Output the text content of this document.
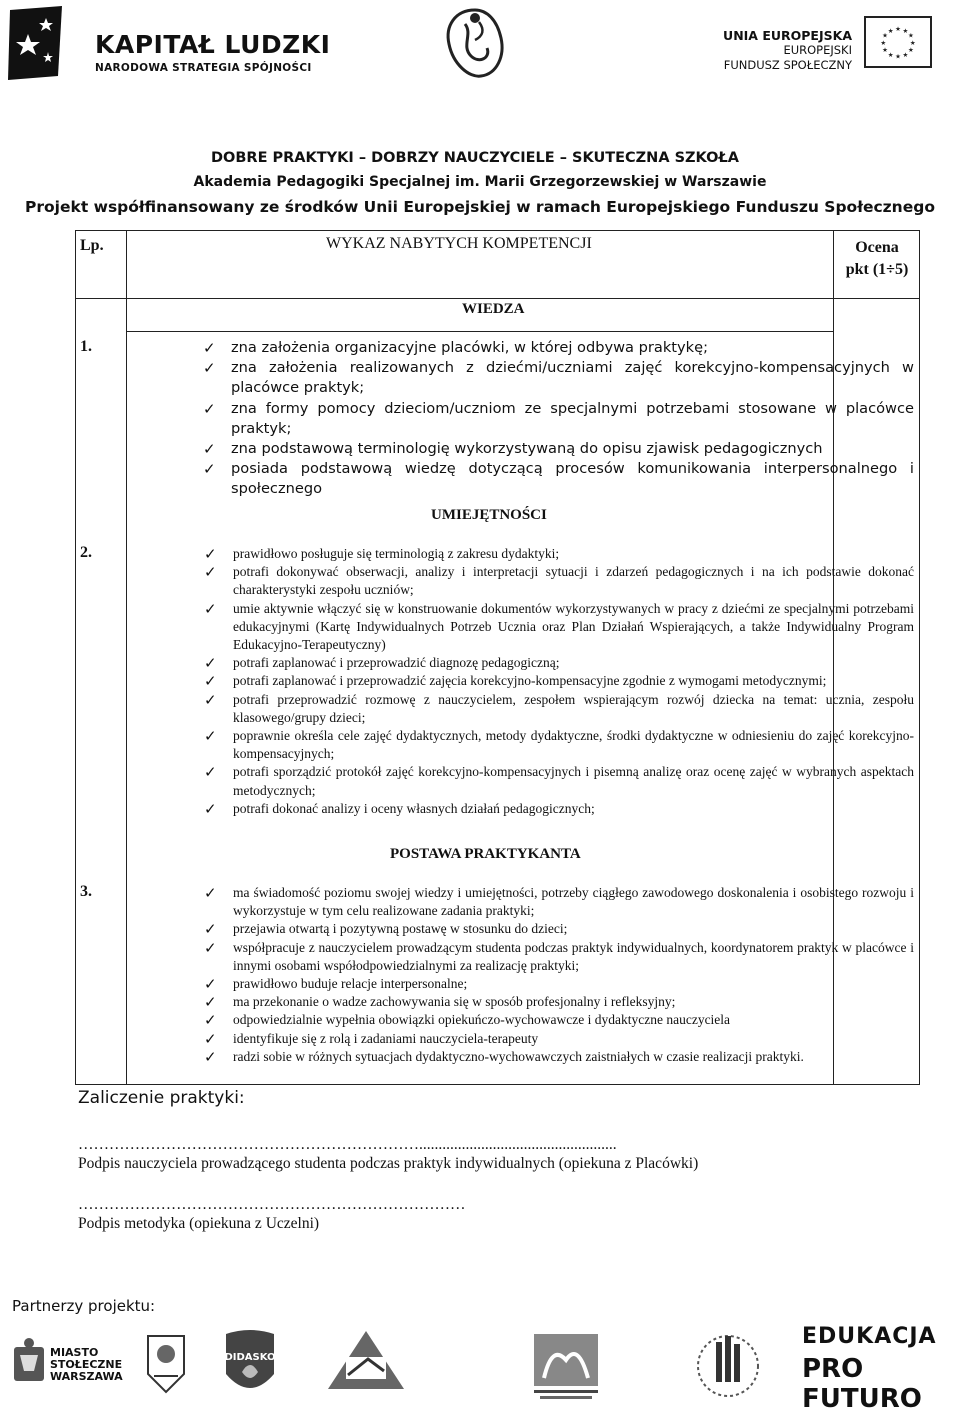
KAPITAŁ LUDZKI
NARODOWA STRATEGIA SPÓJNOŚCI
UNIA EUROPEJSKA
EUROPEJSKI
FUNDUSZ SPOŁECZNY
★ ★
★
★
★
★
★
★
★
★
★
★
DOBRE PRAKTYKI – DOBRZY NAUCZYCIELE – SKUTECZNA SZKOŁA
Akademia Pedagogiki Specjalnej im. Marii Grzegorzewskiej w Warszawie
Projekt współfinansowany ze środków Unii Europejskiej w ramach Europejskiego Funduszu Społecznego
Lp.	WYKAZ NABYTYCH KOMPETENCJI	Ocena
pkt (1÷5)
WIEDZA
1.	✓ zna założenia organizacyjne placówki, w której odbywa praktykę;
✓ zna założenia realizowanych z dziećmi/uczniami zajęć korekcyjno-kompensacyjnych w placówce praktyk;
✓ zna formy pomocy dzieciom/uczniom ze specjalnymi potrzebami stosowane w placówce praktyk;
✓ zna podstawową terminologię wykorzystywaną do opisu zjawisk pedagogicznych
✓ posiada podstawową wiedzę dotyczącą procesów komunikowania interpersonalnego i społecznego
UMIEJĘTNOŚCI
2.	✓ prawidłowo posługuje się terminologią z zakresu dydaktyki;
✓ potrafi dokonywać obserwacji, analizy i interpretacji sytuacji i zdarzeń pedagogicznych i na ich podstawie dokonać charakterystyki zespołu uczniów;
✓ umie aktywnie włączyć się w konstruowanie dokumentów wykorzystywanych w pracy z dziećmi ze specjalnymi potrzebami edukacyjnymi (Kartę Indywidualnych Potrzeb Ucznia oraz Plan Działań Wspierających, a także Indywidualny Program Edukacyjno-Terapeutyczny)
✓ potrafi zaplanować i przeprowadzić diagnozę pedagogiczną;
✓ potrafi zaplanować i przeprowadzić zajęcia korekcyjno-kompensacyjne zgodnie z wymogami metodycznymi;
✓ potrafi przeprowadzić rozmowę z nauczycielem, zespołem wspierającym rozwój dziecka na temat: ucznia, zespołu klasowego/grupy dzieci;
✓ poprawnie określa cele zajęć dydaktycznych, metody dydaktyczne, środki dydaktyczne w odniesieniu do zajęć korekcyjno-kompensacyjnych;
✓ potrafi sporządzić protokół zajęć korekcyjno-kompensacyjnych i pisemną analizę oraz ocenę zajęć w wybranych aspektach metodycznych;
✓ potrafi dokonać analizy i oceny własnych działań pedagogicznych;
POSTAWA PRAKTYKANTA
3.	✓ ma świadomość poziomu swojej wiedzy i umiejętności, potrzeby ciągłego zawodowego doskonalenia i osobistego rozwoju i wykorzystuje w tym celu realizowane zadania praktyki;
✓ przejawia otwartą i pozytywną postawę w stosunku do dzieci;
✓ współpracuje z nauczycielem prowadzącym studenta podczas praktyk indywidualnych, koordynatorem praktyk w placówce i innymi osobami współodpowiedzialnymi za realizację praktyki;
✓ prawidłowo buduje relacje interpersonalne;
✓ ma przekonanie o wadze zachowywania się w sposób profesjonalny i refleksyjny;
✓ odpowiedzialnie wypełnia obowiązki opiekuńczo-wychowawcze i dydaktyczne nauczyciela
✓ identyfikuje się z rolą i zadaniami nauczyciela-terapeuty
✓ radzi sobie w różnych sytuacjach dydaktyczno-wychowawczych zaistniałych w czasie realizacji praktyki.
Zaliczenie praktyki:
…………………………………………………………...................................................
Podpis nauczyciela prowadzącego studenta podczas praktyk indywidualnych (opiekuna z Placówki)
…………………………………………………………………
Podpis metodyka (opiekuna z Uczelni)
Partnerzy projektu:
MIASTO STOŁECZNE WARSZAWA
DIDASKO
EDUKACJA
PRO FUTURO
